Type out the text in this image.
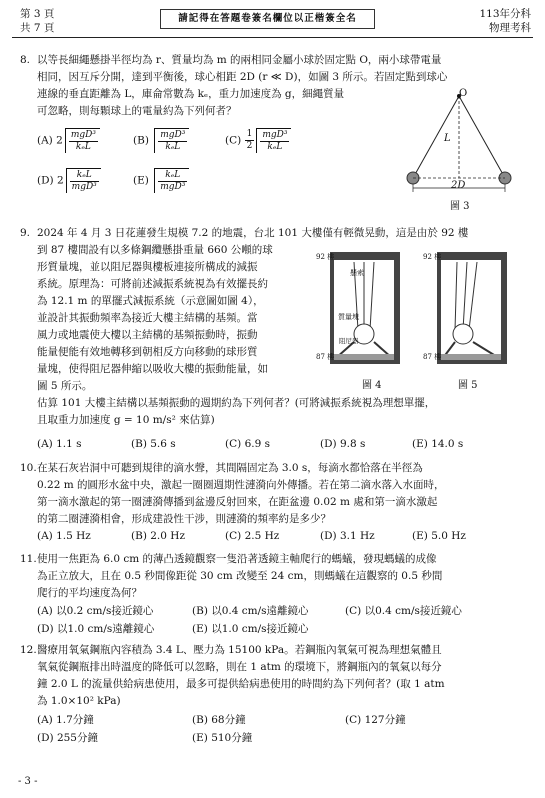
第 3 頁
共 7 頁
請記得在答題卷簽名欄位以正楷簽全名	113年分科
物理考科
8. 以等長細繩懸掛半徑均為 r、質量均為 m 的兩相同金屬小球於固定點 O，兩小球帶電量
相同，因互斥分開，達到平衡後，球心相距 2D (r ≪ D)，如圖 3 所示。若固定點到球心
連線的垂直距離為 L，庫侖常數為 kₑ，重力加速度為 g，細繩質量
可忽略，則每顆球上的電量約為下列何者？
(A) $2 \frac{\text{mgD³}}{\text{kₑL}}$	$(B) \frac{\text{mgD³}}{\text{kₑL}}$	$(C) \frac{1}{2} \frac{\text{mgD³}}{\text{kₑL}}$
(D) $2 \frac{\text{kₑL}}{\text{mgD³}}$	$(E) \frac{\text{kₑL}}{\text{mgD³}}$
O
L
2D
圖 3
9. 2024 年 4 月 3 日花蓮發生規模 7.2 的地震，台北 101 大樓僅有輕微晃動，這是由於 92 樓
到 87 樓間設有以多條鋼纜懸掛重量 660 公噸的球
形質量塊，並以阻尼器與樓板連接所構成的減振
系統。原理為：可將前述減振系統視為有效擺長約
為 12.1 m 的單擺式減振系統（示意圖如圖 4），
並設計其振動頻率為接近大樓主結構的基頻。當
風力或地震使大樓以主結構的基頻振動時，振動
能量便能有效地轉移到朝相反方向移動的球形質
量塊，使得阻尼器伸縮以吸收大樓的振動能量，如
圖 5 所示。
估算 101 大樓主結構以基頻振動的週期約為下列何者？(可將減振系統視為理想單擺，
且取重力加速度 g = 10 m/s² 來估算)
92 樓
87 樓
懸索
質量塊
阻尼器
92 樓
87 樓
圖 4	圖 5
(A) 1.1 s	(B) 5.6 s	(C) 6.9 s	(D) 9.8 s	(E) 14.0 s
10. 在某石灰岩洞中可聽到規律的滴水聲，其間隔固定為 3.0 s，每滴水都恰落在半徑為
0.22 m 的圓形水盆中央，激起一圈圈週期性漣漪向外傳播。若在第二滴水落入水面時，
第一滴水激起的第一圈漣漪傳播到盆邊反射回來，在距盆邊 0.02 m 處和第一滴水激起
的第二圈漣漪相會，形成建設性干涉，則漣漪的頻率約是多少？
(A) 1.5 Hz	(B) 2.0 Hz	(C) 2.5 Hz	(D) 3.1 Hz	(E) 5.0 Hz
11. 使用一焦距為 6.0 cm 的薄凸透鏡觀察一隻沿著透鏡主軸爬行的螞蟻，發現螞蟻的成像
為正立放大，且在 0.5 秒間像距從 30 cm 改變至 24 cm，則螞蟻在這觀察的 0.5 秒間
爬行的平均速度為何？
(A) 以0.2 cm/s接近鏡心	(B) 以0.4 cm/s遠離鏡心	(C) 以0.4 cm/s接近鏡心
(D) 以1.0 cm/s遠離鏡心	(E) 以1.0 cm/s接近鏡心
12. 醫療用氧氣鋼瓶內容積為 3.4 L、壓力為 15100 kPa。若鋼瓶內氧氣可視為理想氣體且
氧氣從鋼瓶排出時溫度的降低可以忽略，則在 1 atm 的環境下，將鋼瓶內的氧氣以每分
鐘 2.0 L 的流量供給病患使用，最多可提供給病患使用的時間約為下列何者？(取 1 atm
為 1.0×10² kPa)
(A) 1.7分鐘	(B) 68分鐘	(C) 127分鐘
(D) 255分鐘	(E) 510分鐘
- 3 -
